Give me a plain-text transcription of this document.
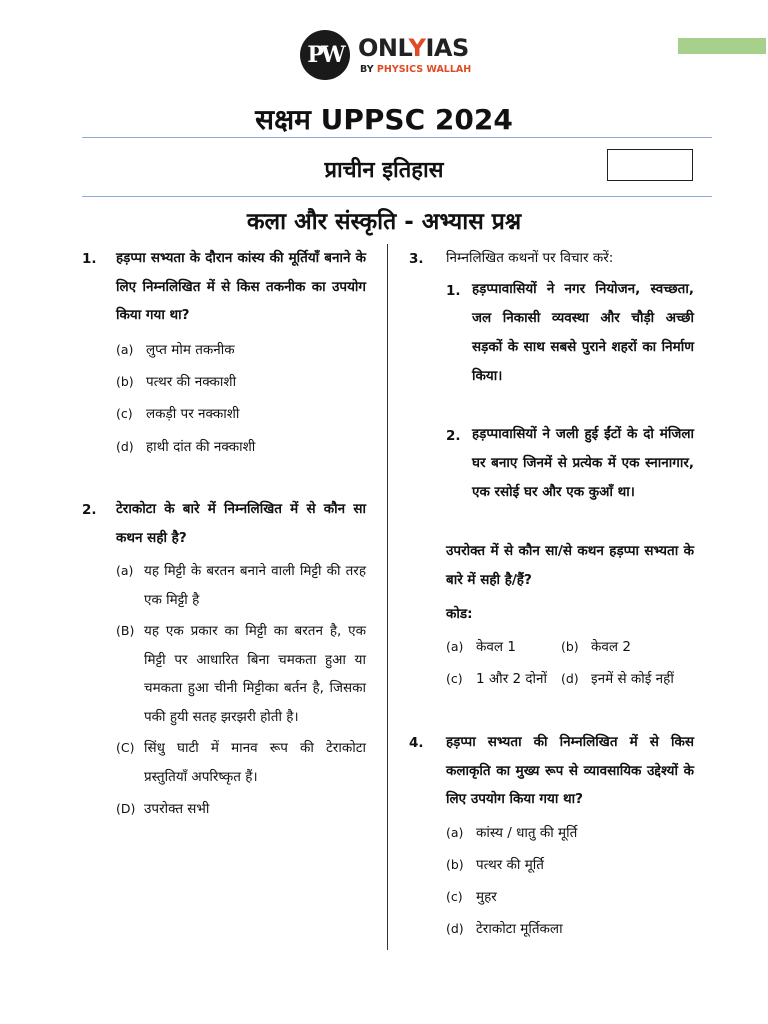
PW ONLYIAS
BY PHYSICS WALLAH
सक्षम UPPSC 2024
प्राचीन इतिहास
कला और संस्कृति - अभ्यास प्रश्न
1. हड़प्पा सभ्यता के दौरान कांस्य की मूर्तियाँ बनाने के लिए निम्नलिखित में से किस तकनीक का उपयोग किया गया था?
(a) लुप्त मोम तकनीक
(b) पत्थर की नक्काशी
(c) लकड़ी पर नक्काशी
(d) हाथी दांत की नक्काशी
2. टेराकोटा के बारे में निम्नलिखित में से कौन सा कथन सही है?
(a) यह मिट्टी के बरतन बनाने वाली मिट्टी की तरह एक मिट्टी है
(B) यह एक प्रकार का मिट्टी का बरतन है, एक मिट्टी पर आधारित बिना चमकता हुआ या चमकता हुआ चीनी मिट्टीका बर्तन है, जिसका पकी हुयी सतह झरझरी होती है।
(C) सिंधु घाटी में मानव रूप की टेराकोटा प्रस्तुतियाँ अपरिष्कृत हैं।
(D) उपरोक्त सभी
3. निम्नलिखित कथनों पर विचार करें:
1. हड़प्पावासियों ने नगर नियोजन, स्वच्छता, जल निकासी व्यवस्था और चौड़ी अच्छी सड़कों के साथ सबसे पुराने शहरों का निर्माण किया।
2. हड़प्पावासियों ने जली हुई ईंटों के दो मंजिला घर बनाए जिनमें से प्रत्येक में एक स्नानागार, एक रसोई घर और एक कुआँ था।
उपरोक्त में से कौन सा/से कथन हड़प्पा सभ्यता के बारे में सही है/हैं?
कोड:
(a) केवल 1	(b) केवल 2
(c) 1 और 2 दोनों (d) इनमें से कोई नहीं
4. हड़प्पा सभ्यता की निम्नलिखित में से किस कलाकृति का मुख्य रूप से व्यावसायिक उद्देश्यों के लिए उपयोग किया गया था?
(a) कांस्य / धातु की मूर्ति
(b) पत्थर की मूर्ति
(c) मुहर
(d) टेराकोटा मूर्तिकला
